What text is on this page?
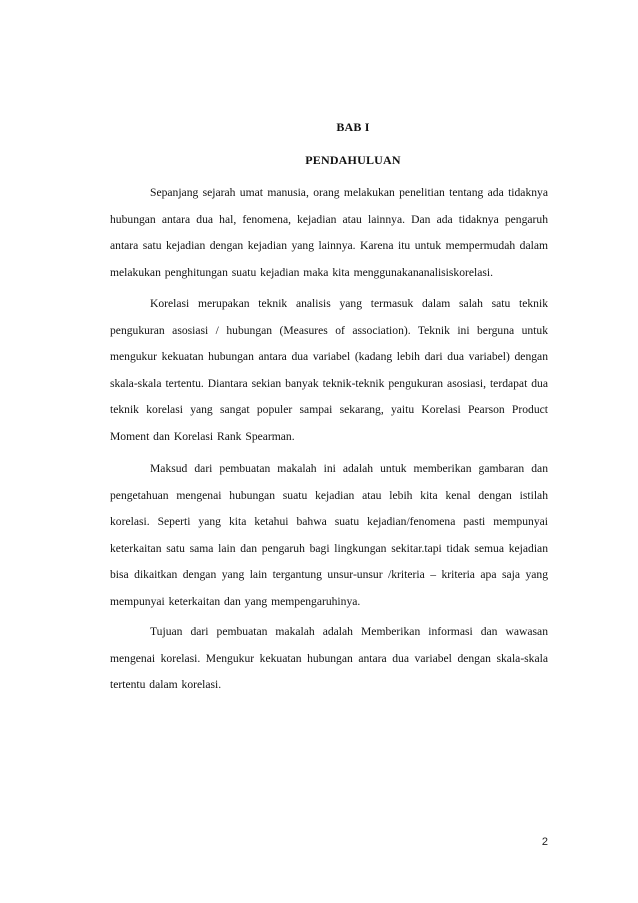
BAB I
PENDAHULUAN

Sepanjang sejarah umat manusia, orang melakukan penelitian tentang ada tidaknya hubungan antara dua hal, fenomena, kejadian atau lainnya. Dan ada tidaknya pengaruh antara satu kejadian dengan kejadian yang lainnya. Karena itu untuk mempermudah dalam melakukan penghitungan suatu kejadian maka kita menggunakananalisiskorelasi.

Korelasi merupakan teknik analisis yang termasuk dalam salah satu teknik pengukuran asosiasi / hubungan (Measures of association). Teknik ini berguna untuk mengukur kekuatan hubungan antara dua variabel (kadang lebih dari dua variabel) dengan skala-skala tertentu. Diantara sekian banyak teknik-teknik pengukuran asosiasi, terdapat dua teknik korelasi yang sangat populer sampai sekarang, yaitu Korelasi Pearson Product Moment dan Korelasi Rank Spearman.

Maksud dari pembuatan makalah ini adalah untuk memberikan gambaran dan pengetahuan mengenai hubungan suatu kejadian atau lebih kita kenal dengan istilah korelasi. Seperti yang kita ketahui bahwa suatu kejadian/fenomena pasti mempunyai keterkaitan satu sama lain dan pengaruh bagi lingkungan sekitar.tapi tidak semua kejadian bisa dikaitkan dengan yang lain tergantung unsur-unsur /kriteria – kriteria apa saja yang mempunyai keterkaitan dan yang mempengaruhinya.

Tujuan dari pembuatan makalah adalah Memberikan informasi dan wawasan mengenai korelasi. Mengukur kekuatan hubungan antara dua variabel dengan skala-skala tertentu dalam korelasi.

2
